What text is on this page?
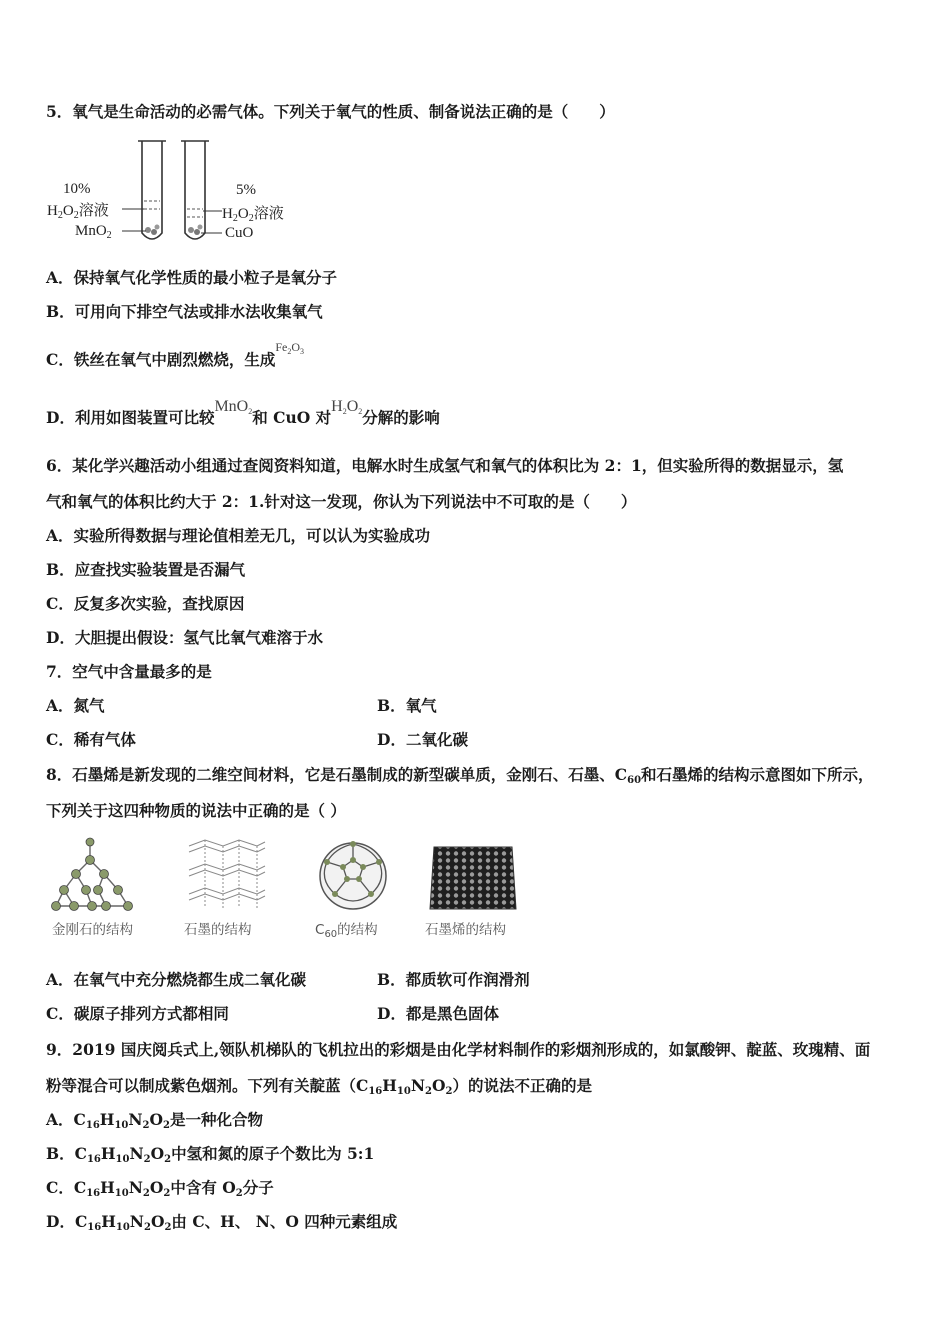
5．氧气是生命活动的必需气体。下列关于氧气的性质、制备说法正确的是（　　）
10%
$H_2O_2$溶液
MnO$_2$
5%
$H_2O_2$溶液
CuO
A．保持氧气化学性质的最小粒子是氧分子
B．可用向下排空气法或排水法收集氧气
C．铁丝在氧气中剧烈燃烧，生成$^{Fe_2O_3}$
D．利用如图装置可比较MnO$_2$和 CuO 对$H_2O_2$分解的影响
6．某化学兴趣活动小组通过查阅资料知道，电解水时生成氢气和氧气的体积比为 2：1，但实验所得的数据显示，氢
气和氧气的体积比约大于 2：1.针对这一发现，你认为下列说法中不可取的是（　　）
A．实验所得数据与理论值相差无几，可以认为实验成功
B．应查找实验装置是否漏气
C．反复多次实验，查找原因
D．大胆提出假设：氢气比氧气难溶于水
7．空气中含量最多的是
A．氮气	B．氧气
C．稀有气体	D．二氧化碳
8．石墨烯是新发现的二维空间材料，它是石墨制成的新型碳单质，金刚石、石墨、$C_{60}$和石墨烯的结构示意图如下所示，
下列关于这四种物质的说法中正确的是（ ）
金刚石的结构	石墨的结构	$C_{60}$的结构	石墨烯的结构
A．在氧气中充分燃烧都生成二氧化碳	B．都质软可作润滑剂
C．碳原子排列方式都相同	D．都是黑色固体
9．2019 国庆阅兵式上,领队机梯队的飞机拉出的彩烟是由化学材料制作的彩烟剂形成的，如氯酸钾、靛蓝、玫瑰精、面
粉等混合可以制成紫色烟剂。下列有关靛蓝$(C_{16}H_{10}N_2O_2)$的说法不正确的是
A．$C_{16}H_{10}N_2O_2$是一种化合物
B．$C_{16}H_{10}N_2O_2$中氢和氮的原子个数比为 5:1
C．$C_{16}H_{10}N_2O_2$中含有 $O_2$分子
D．$C_{16}H_{10}N_2O_2$由 C、H、 N、O 四种元素组成
